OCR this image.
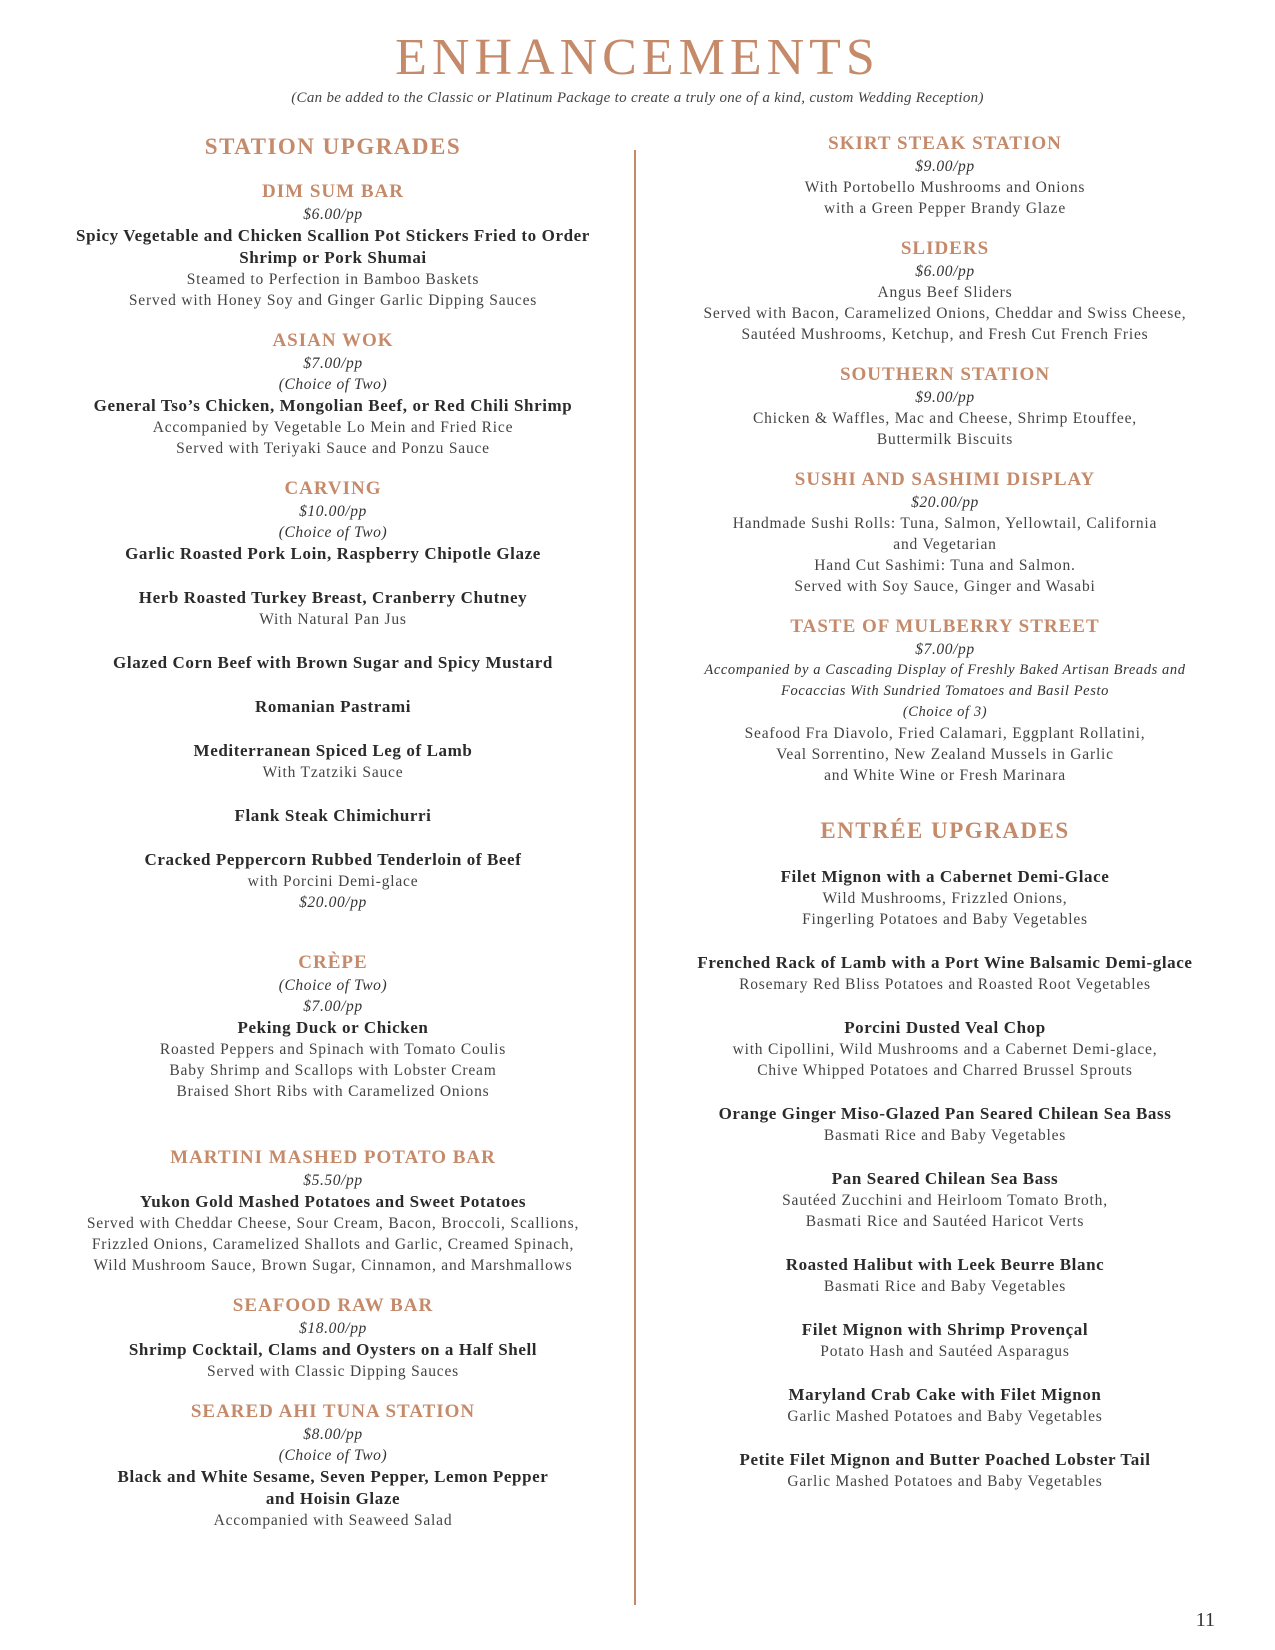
ENHANCEMENTS
(Can be added to the Classic or Platinum Package to create a truly one of a kind, custom Wedding Reception)
STATION UPGRADES
DIM SUM BAR
$6.00/pp
Spicy Vegetable and Chicken Scallion Pot Stickers Fried to Order
Shrimp or Pork Shumai
Steamed to Perfection in Bamboo Baskets
Served with Honey Soy and Ginger Garlic Dipping Sauces
ASIAN WOK
$7.00/pp
(Choice of Two)
General Tso’s Chicken, Mongolian Beef, or Red Chili Shrimp
Accompanied by Vegetable Lo Mein and Fried Rice
Served with Teriyaki Sauce and Ponzu Sauce
CARVING
$10.00/pp
(Choice of Two)
Garlic Roasted Pork Loin, Raspberry Chipotle Glaze
Herb Roasted Turkey Breast, Cranberry Chutney
With Natural Pan Jus
Glazed Corn Beef with Brown Sugar and Spicy Mustard
Romanian Pastrami
Mediterranean Spiced Leg of Lamb
With Tzatziki Sauce
Flank Steak Chimichurri
Cracked Peppercorn Rubbed Tenderloin of Beef
with Porcini Demi-glace
$20.00/pp
CRÈPE
(Choice of Two)
$7.00/pp
Peking Duck or Chicken
Roasted Peppers and Spinach with Tomato Coulis
Baby Shrimp and Scallops with Lobster Cream
Braised Short Ribs with Caramelized Onions
MARTINI MASHED POTATO BAR
$5.50/pp
Yukon Gold Mashed Potatoes and Sweet Potatoes
Served with Cheddar Cheese, Sour Cream, Bacon, Broccoli, Scallions,
Frizzled Onions, Caramelized Shallots and Garlic, Creamed Spinach,
Wild Mushroom Sauce, Brown Sugar, Cinnamon, and Marshmallows
SEAFOOD RAW BAR
$18.00/pp
Shrimp Cocktail, Clams and Oysters on a Half Shell
Served with Classic Dipping Sauces
SEARED AHI TUNA STATION
$8.00/pp
(Choice of Two)
Black and White Sesame, Seven Pepper, Lemon Pepper
and Hoisin Glaze
Accompanied with Seaweed Salad
SKIRT STEAK STATION
$9.00/pp
With Portobello Mushrooms and Onions
with a Green Pepper Brandy Glaze
SLIDERS
$6.00/pp
Angus Beef Sliders
Served with Bacon, Caramelized Onions, Cheddar and Swiss Cheese,
Sautéed Mushrooms, Ketchup, and Fresh Cut French Fries
SOUTHERN STATION
$9.00/pp
Chicken & Waffles, Mac and Cheese, Shrimp Etouffee,
Buttermilk Biscuits
SUSHI AND SASHIMI DISPLAY
$20.00/pp
Handmade Sushi Rolls: Tuna, Salmon, Yellowtail, California
and Vegetarian
Hand Cut Sashimi: Tuna and Salmon.
Served with Soy Sauce, Ginger and Wasabi
TASTE OF MULBERRY STREET
$7.00/pp
Accompanied by a Cascading Display of Freshly Baked Artisan Breads and
Focaccias With Sundried Tomatoes and Basil Pesto
(Choice of 3)
Seafood Fra Diavolo, Fried Calamari, Eggplant Rollatini,
Veal Sorrentino, New Zealand Mussels in Garlic
and White Wine or Fresh Marinara
ENTRÉE UPGRADES
Filet Mignon with a Cabernet Demi-Glace
Wild Mushrooms, Frizzled Onions,
Fingerling Potatoes and Baby Vegetables
Frenched Rack of Lamb with a Port Wine Balsamic Demi-glace
Rosemary Red Bliss Potatoes and Roasted Root Vegetables
Porcini Dusted Veal Chop
with Cipollini, Wild Mushrooms and a Cabernet Demi-glace,
Chive Whipped Potatoes and Charred Brussel Sprouts
Orange Ginger Miso-Glazed Pan Seared Chilean Sea Bass
Basmati Rice and Baby Vegetables
Pan Seared Chilean Sea Bass
Sautéed Zucchini and Heirloom Tomato Broth,
Basmati Rice and Sautéed Haricot Verts
Roasted Halibut with Leek Beurre Blanc
Basmati Rice and Baby Vegetables
Filet Mignon with Shrimp Provençal
Potato Hash and Sautéed Asparagus
Maryland Crab Cake with Filet Mignon
Garlic Mashed Potatoes and Baby Vegetables
Petite Filet Mignon and Butter Poached Lobster Tail
Garlic Mashed Potatoes and Baby Vegetables
11
